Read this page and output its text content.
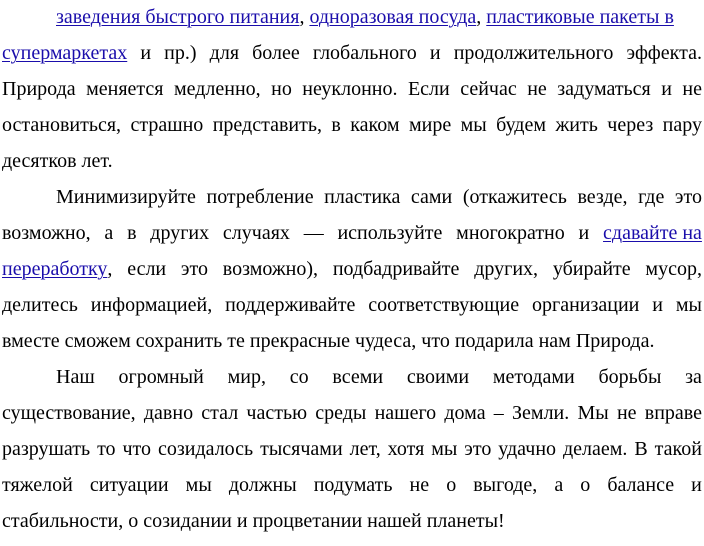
заведения быстрого питания ,
одноразовая посуда ,
пластиковые пакеты в
супермаркетах и пр.) для более глобального и продолжительного эффекта.
Природа меняется медленно, но неуклонно. Если сейчас не задуматься и не
остановиться, страшно представить, в каком мире мы будем жить через пару
десятков лет.
Минимизируйте потребление пластика сами (откажитесь везде, где это
возможно, а в других случаях — используйте многократно и сдавайте на
переработку , если это возможно), подбадривайте других, убирайте мусор,
делитесь информацией, поддерживайте соответствующие организации и мы
вместе сможем сохранить те прекрасные чудеса, что подарила нам Природа.
Наш огромный мир, со всеми своими методами борьбы за
существование, давно стал частью среды нашего дома – Земли. Мы не вправе
разрушать то что созидалось тысячами лет, хотя мы это удачно делаем. В такой
тяжелой ситуации мы должны подумать не о выгоде, а о балансе и
стабильности, о созидании и процветании нашей планеты!
